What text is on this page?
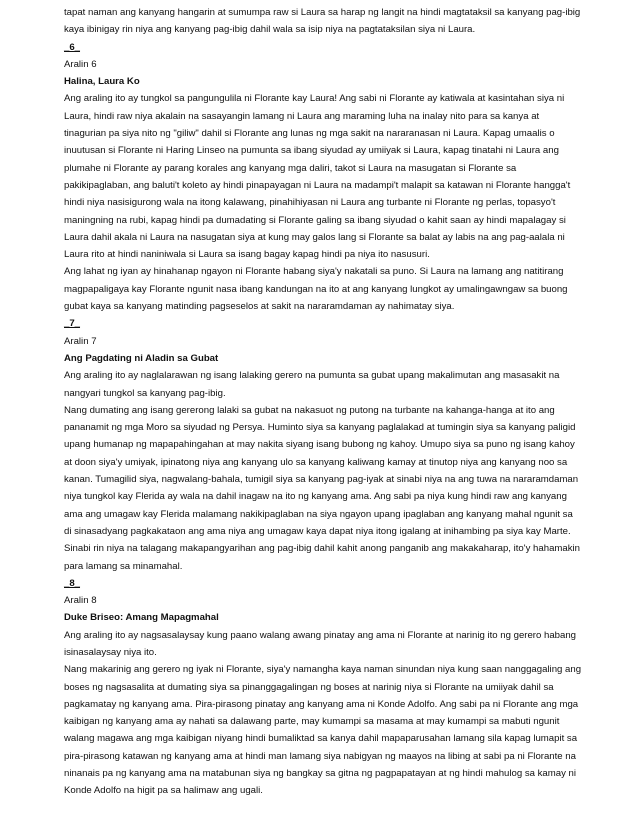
tapat naman ang kanyang hangarin at sumumpa raw si Laura sa harap ng langit na hindi magtataksil sa kanyang pag-ibig kaya ibinigay rin niya ang kanyang pag-ibig dahil wala sa isip niya na pagtataksilan siya ni Laura.

_6_

Aralin 6

Halina, Laura Ko

Ang araling ito ay tungkol sa pangungulila ni Florante kay Laura! Ang sabi ni Florante ay katiwala at kasintahan siya ni Laura, hindi raw niya akalain na sasayangin lamang ni Laura ang maraming luha na inalay nito para sa kanya at tinagurian pa siya nito ng "giliw" dahil si Florante ang lunas ng mga sakit na nararanasan ni Laura. Kapag umaalis o inuutusan si Florante ni Haring Linseo na pumunta sa ibang siyudad ay umiiyak si Laura, kapag tinatahi ni Laura ang plumahe ni Florante ay parang korales ang kanyang mga daliri, takot si Laura na masugatan si Florante sa pakikipaglaban, ang baluti't koleto ay hindi pinapayagan ni Laura na madampi't malapit sa katawan ni Florante hangga't hindi niya nasisigurong wala na itong kalawang, pinahihiyasan ni Laura ang turbante ni Florante ng perlas, topasyo't maningning na rubi, kapag hindi pa dumadating si Florante galing sa ibang siyudad o kahit saan ay hindi mapalagay si Laura dahil akala ni Laura na nasugatan siya at kung may galos lang si Florante sa balat ay labis na ang pag-aalala ni Laura rito at hindi naniniwala si Laura sa isang bagay kapag hindi pa niya ito nasusuri.

Ang lahat ng iyan ay hinahanap ngayon ni Florante habang siya'y nakatali sa puno. Si Laura na lamang ang natitirang magpapaligaya kay Florante ngunit nasa ibang kandungan na ito at ang kanyang lungkot ay umalingawngaw sa buong gubat kaya sa kanyang matinding pagseselos at sakit na nararamdaman ay nahimatay siya.

_7_

Aralin 7

Ang Pagdating ni Aladin sa Gubat

Ang araling ito ay naglalarawan ng isang lalaking gerero na pumunta sa gubat upang makalimutan ang masasakit na nangyari tungkol sa kanyang pag-ibig.

Nang dumating ang isang gererong lalaki sa gubat na nakasuot ng putong na turbante na kahanga-hanga at ito ang pananamit ng mga Moro sa siyudad ng Persya. Huminto siya sa kanyang paglalakad at tumingin siya sa kanyang paligid upang humanap ng mapapahingahan at may nakita siyang isang bubong ng kahoy. Umupo siya sa puno ng isang kahoy at doon siya'y umiyak, ipinatong niya ang kanyang ulo sa kanyang kaliwang kamay at tinutop niya ang kanyang noo sa kanan. Tumagilid siya, nagwalang-bahala, tumigil siya sa kanyang pag-iyak at sinabi niya na ang tuwa na nararamdaman niya tungkol kay Flerida ay wala na dahil inagaw na ito ng kanyang ama. Ang sabi pa niya kung hindi raw ang kanyang ama ang umagaw kay Flerida malamang nakikipaglaban na siya ngayon upang ipaglaban ang kanyang mahal ngunit sa di sinasadyang pagkakataon ang ama niya ang umagaw kaya dapat niya itong igalang at inihambing pa siya kay Marte. Sinabi rin niya na talagang makapangyarihan ang pag-ibig dahil kahit anong panganib ang makakaharap, ito'y hahamakin para lamang sa minamahal.

_8_

Aralin 8

Duke Briseo: Amang Mapagmahal

Ang araling ito ay nagsasalaysay kung paano walang awang pinatay ang ama ni Florante at narinig ito ng gerero habang isinasalaysay niya ito.

Nang makarinig ang gerero ng iyak ni Florante, siya'y namangha kaya naman sinundan niya kung saan nanggagaling ang boses ng nagsasalita at dumating siya sa pinanggagalingan ng boses at narinig niya si Florante na umiiyak dahil sa pagkamatay ng kanyang ama. Pira-pirasong pinatay ang kanyang ama ni Konde Adolfo. Ang sabi pa ni Florante ang mga kaibigan ng kanyang ama ay nahati sa dalawang parte, may kumampi sa masama at may kumampi sa mabuti ngunit walang magawa ang mga kaibigan niyang hindi bumaliktad sa kanya dahil mapaparusahan lamang sila kapag lumapit sa pira-pirasong katawan ng kanyang ama at hindi man lamang siya nabigyan ng maayos na libing at sabi pa ni Florante na ninanais pa ng kanyang ama na matabunan siya ng bangkay sa gitna ng pagpapatayan at ng hindi mahulog sa kamay ni Konde Adolfo na higit pa sa halimaw ang ugali.
